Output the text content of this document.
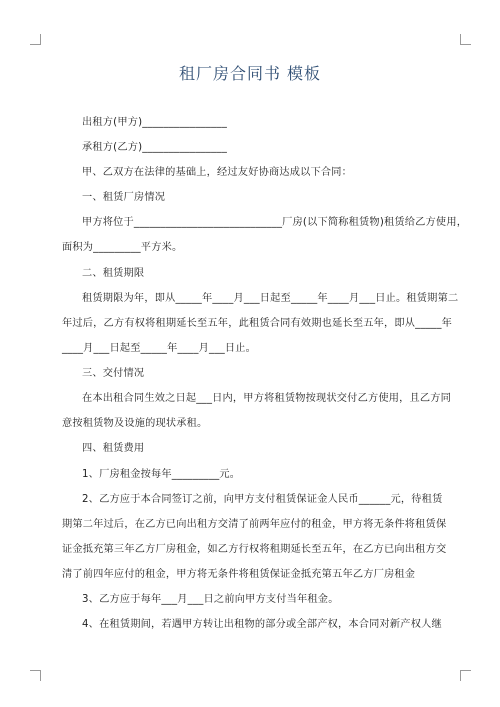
租厂房合同书 模板
出租方(甲方)________________
承租方(乙方)________________
甲、乙双方在法律的基础上，经过友好协商达成以下合同：
一、租赁厂房情况
甲方将位于____________________________厂房(以下简称租赁物)租赁给乙方使用，
面积为_________平方米。
二、租赁期限
租赁期限为年，即从_____年____月___日起至_____年____月___日止。租赁期第二
年过后，乙方有权将租期延长至五年，此租赁合同有效期也延长至五年，即从_____年
____月___日起至_____年____月___日止。
三、交付情况
在本出租合同生效之日起___日内，甲方将租赁物按现状交付乙方使用，且乙方同
意按租赁物及设施的现状承租。
四、租赁费用
1、厂房租金按每年_________元。
2、乙方应于本合同签订之前，向甲方支付租赁保证金人民币______元，待租赁
期第二年过后，在乙方已向出租方交清了前两年应付的租金，甲方将无条件将租赁保
证金抵充第三年乙方厂房租金，如乙方行权将租期延长至五年，在乙方已向出租方交
清了前四年应付的租金，甲方将无条件将租赁保证金抵充第五年乙方厂房租金
3、乙方应于每年___月___日之前向甲方支付当年租金。
4、在租赁期间，若遇甲方转让出租物的部分或全部产权，本合同对新产权人继
